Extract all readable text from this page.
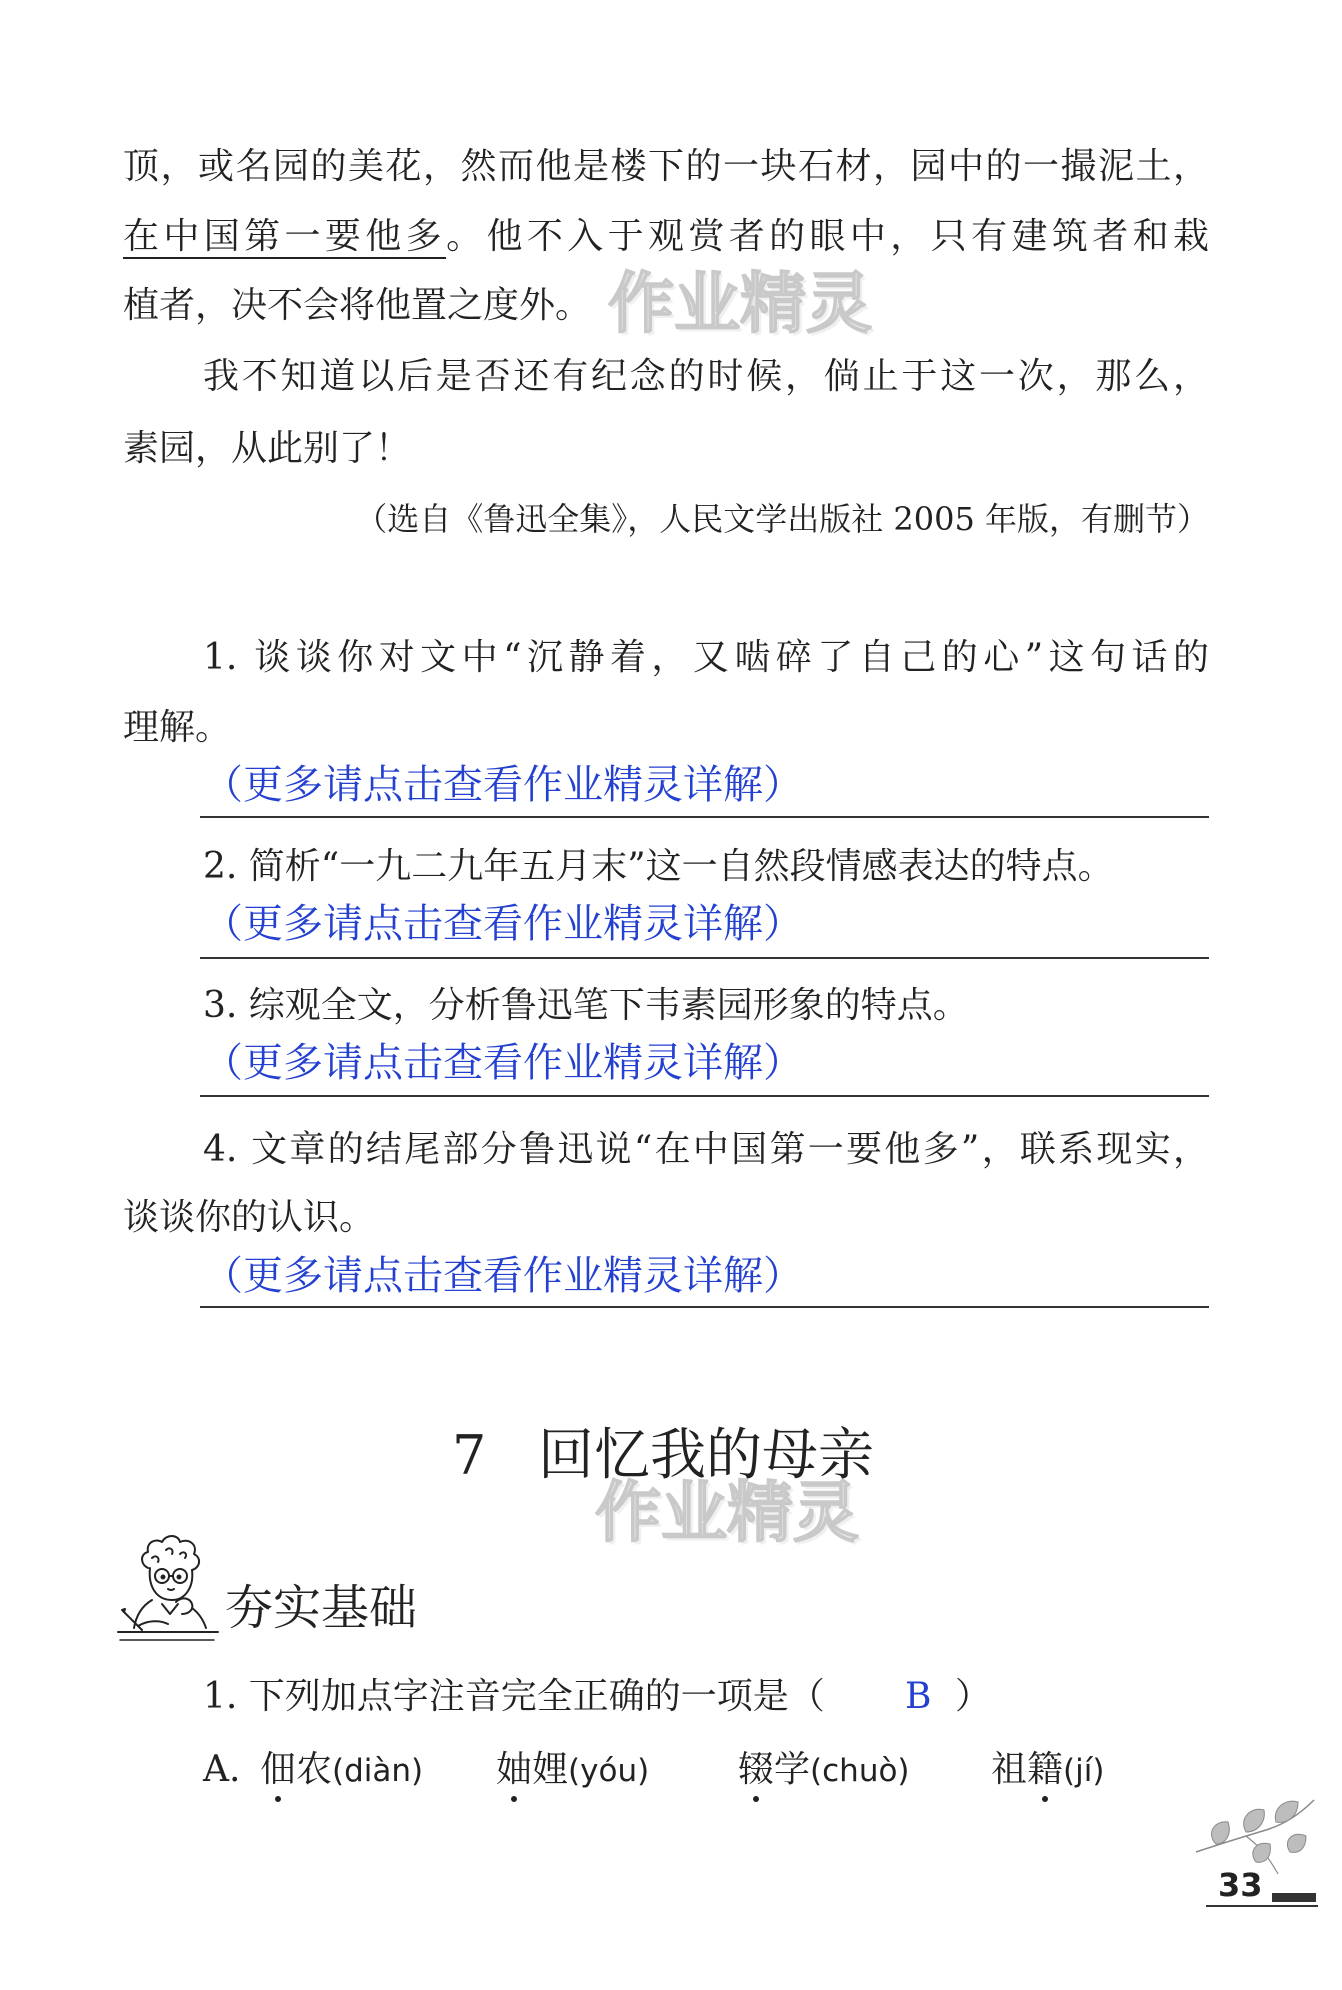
作业精灵
作业精灵
顶，或名园的美花，然而他是楼下的一块石材，园中的一撮泥土，
在中国第一要他多。他不入于观赏者的眼中，只有建筑者和栽
植者，决不会将他置之度外。
我不知道以后是否还有纪念的时候，倘止于这一次，那么，
素园，从此别了！
（选自《鲁迅全集》，人民文学出版社 2005 年版，有删节）
1. 谈谈你对文中“沉静着，又啮碎了自己的心”这句话的
理解。
（更多请点击查看作业精灵详解）
2. 简析“一九二九年五月末”这一自然段情感表达的特点。
（更多请点击查看作业精灵详解）
3. 综观全文，分析鲁迅笔下韦素园形象的特点。
（更多请点击查看作业精灵详解）
4. 文章的结尾部分鲁迅说“在中国第一要他多”，联系现实，
谈谈你的认识。
（更多请点击查看作业精灵详解）
7 回忆我的母亲
夯实基础
1. 下列加点字注音完全正确的一项是（ B ）
A. 佃农(diàn) 妯娌(yóu) 辍学(chuò) 祖籍(jí)
33
